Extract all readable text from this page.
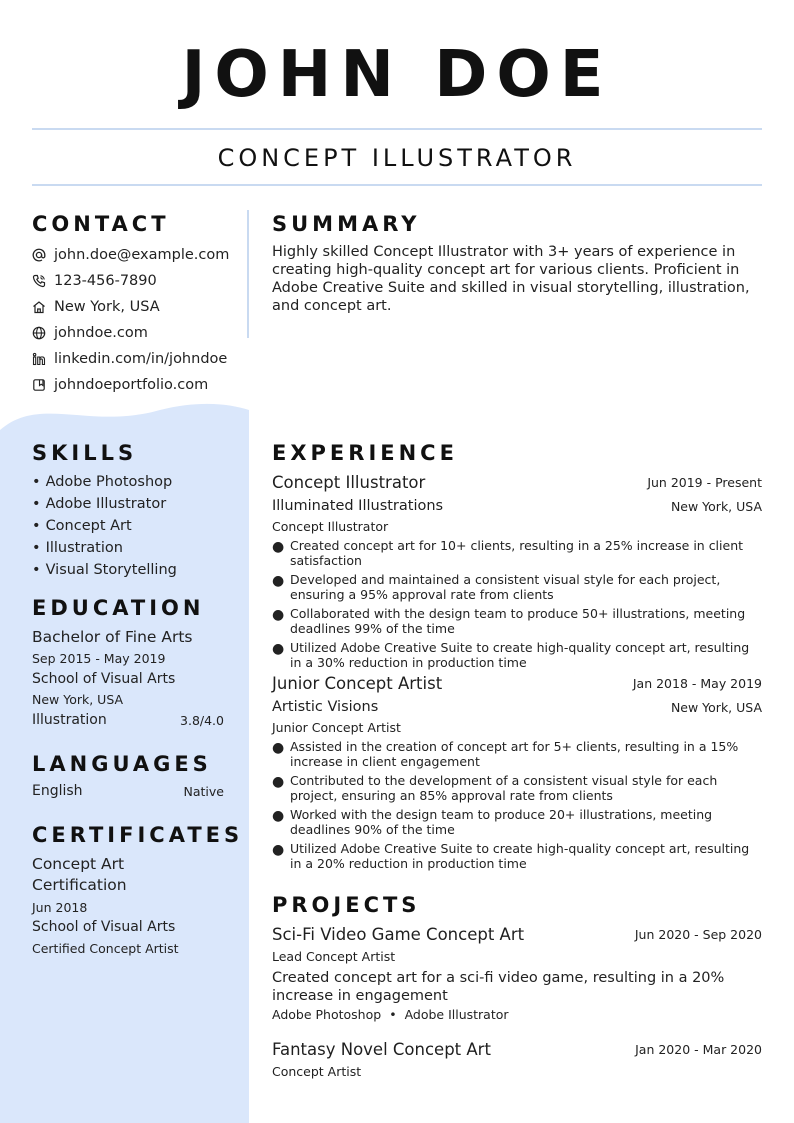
JOHN DOE
CONCEPT ILLUSTRATOR
CONTACT
john.doe@example.com
123-456-7890
New York, USA
johndoe.com
linkedin.com/in/johndoe
johndoeportfolio.com
SKILLS
• Adobe Photoshop
• Adobe Illustrator
• Concept Art
• Illustration
• Visual Storytelling
EDUCATION
Bachelor of Fine Arts
Sep 2015 - May 2019
School of Visual Arts
New York, USA
Illustration	3.8/4.0
LANGUAGES
English	Native
CERTIFICATES
Concept Art
Certification
Jun 2018
School of Visual Arts
Certified Concept Artist
SUMMARY
Highly skilled Concept Illustrator with 3+ years of experience in creating high-quality concept art for various clients. Proficient in Adobe Creative Suite and skilled in visual storytelling, illustration, and concept art.
EXPERIENCE
Concept Illustrator	Jun 2019 - Present
Illuminated Illustrations	New York, USA
Concept Illustrator
● Created concept art for 10+ clients, resulting in a 25% increase in client satisfaction
● Developed and maintained a consistent visual style for each project, ensuring a 95% approval rate from clients
● Collaborated with the design team to produce 50+ illustrations, meeting deadlines 99% of the time
● Utilized Adobe Creative Suite to create high-quality concept art, resulting in a 30% reduction in production time
Junior Concept Artist	Jan 2018 - May 2019
Artistic Visions	New York, USA
Junior Concept Artist
● Assisted in the creation of concept art for 5+ clients, resulting in a 15% increase in client engagement
● Contributed to the development of a consistent visual style for each project, ensuring an 85% approval rate from clients
● Worked with the design team to produce 20+ illustrations, meeting deadlines 90% of the time
● Utilized Adobe Creative Suite to create high-quality concept art, resulting in a 20% reduction in production time
PROJECTS
Sci-Fi Video Game Concept Art	Jun 2020 - Sep 2020
Lead Concept Artist
Created concept art for a sci-fi video game, resulting in a 20% increase in engagement
Adobe Photoshop • Adobe Illustrator
Fantasy Novel Concept Art	Jan 2020 - Mar 2020
Concept Artist
